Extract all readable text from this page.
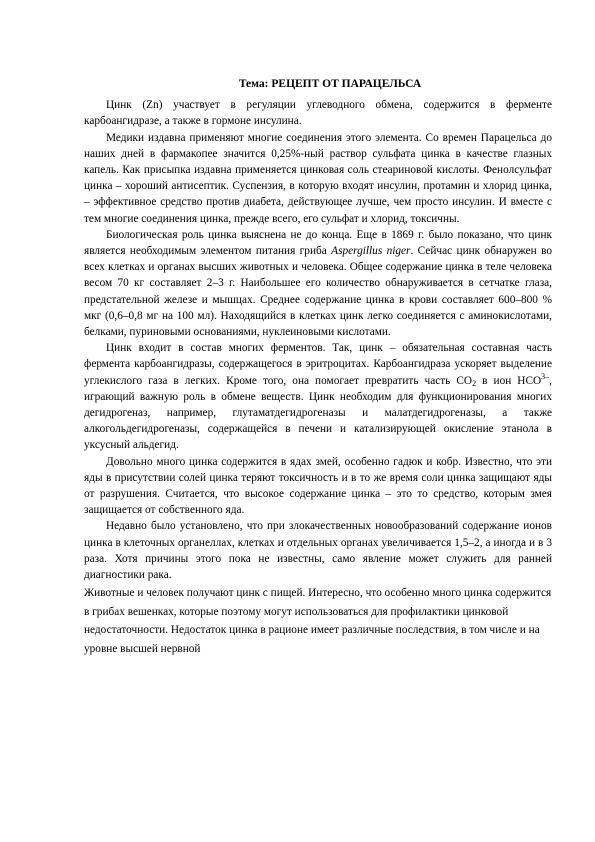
Тема: РЕЦЕПТ ОТ ПАРАЦЕЛЬСА

Цинк (Zn) участвует в регуляции углеводного обмена, содержится в ферменте карбоангидразе, а также в гормоне инсулина.

Медики издавна применяют многие соединения этого элемента. Со времен Парацельса до наших дней в фармакопее значится 0,25%-ный раствор сульфата цинка в качестве глазных капель. Как присыпка издавна применяется цинковая соль стеариновой кислоты. Фенолсульфат цинка – хороший антисептик. Суспензия, в которую входят инсулин, протамин и хлорид цинка, – эффективное средство против диабета, действующее лучше, чем просто инсулин. И вместе с тем многие соединения цинка, прежде всего, его сульфат и хлорид, токсичны.

Биологическая роль цинка выяснена не до конца. Еще в 1869 г. было показано, что цинк является необходимым элементом питания гриба Aspergillus niger. Сейчас цинк обнаружен во всех клетках и органах высших животных и человека. Общее содержание цинка в теле человека весом 70 кг составляет 2–3 г. Наибольшее его количество обнаруживается в сетчатке глаза, предстательной железе и мышцах. Среднее содержание цинка в крови составляет 600–800 % мкг (0,6–0,8 мг на 100 мл). Находящийся в клетках цинк легко соединяется с аминокислотами, белками, пуриновыми основаниями, нуклеиновыми кислотами.

Цинк входит в состав многих ферментов. Так, цинк – обязательная составная часть фермента карбоангидразы, содержащегося в эритроцитах. Карбоангидраза ускоряет выделение углекислого газа в легких. Кроме того, она помогает превратить часть $CO_2$ в ион $HCO^{3-}$, играющий важную роль в обмене веществ. Цинк необходим для функционирования многих дегидрогеназ, например, глутаматдегидрогеназы и малатдегидрогеназы, а также алкогольдегидрогеназы, содержащейся в печени и катализирующей окисление этанола в уксусный альдегид.

Довольно много цинка содержится в ядах змей, особенно гадюк и кобр. Известно, что эти яды в присутствии солей цинка теряют токсичность и в то же время соли цинка защищают яды от разрушения. Считается, что высокое содержание цинка – это то средство, которым змея защищается от собственного яда.

Недавно было установлено, что при злокачественных новообразований содержание ионов цинка в клеточных органеллах, клетках и отдельных органах увеличивается 1,5–2, а иногда и в 3 раза. Хотя причины этого пока не известны, само явление может служить для ранней диагностики рака.

Животные и человек получают цинк с пищей. Интересно, что особенно много цинка содержится в грибах вешенках, которые поэтому могут использоваться для профилактики цинковой недостаточности. Недостаток цинка в рационе имеет различные последствия, в том числе и на уровне высшей нервной
